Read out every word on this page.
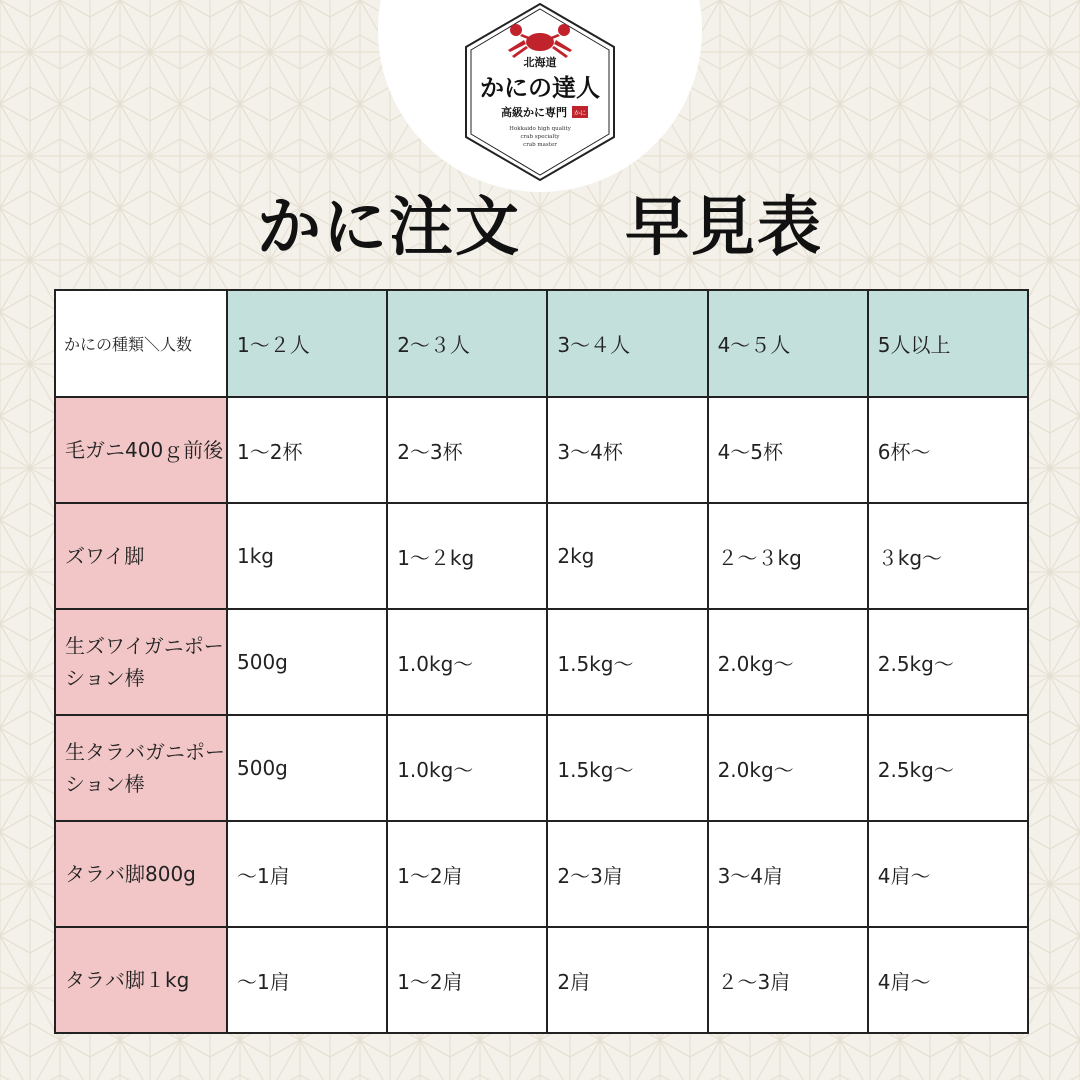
北海道
かにの達人
高級かに専門 かに
Hokkaido high quality
crab specialty
crab master
かに注文 早見表
かにの種類＼人数	1～２人	2～３人	3～４人	4～５人	5人以上
毛ガニ400ｇ前後	1～2杯	2～3杯	3～4杯	4～5杯	6杯～
ズワイ脚	1kg	1～２kg	2kg	２～３kg	３kg～
生ズワイガニポーション棒	500g	1.0kg～	1.5kg～	2.0kg～	2.5kg～
生タラバガニポーション棒	500g	1.0kg～	1.5kg～	2.0kg～	2.5kg～
タラバ脚800g	～1肩	1～2肩	2～3肩	3～4肩	4肩～
タラバ脚１kg	～1肩	1～2肩	2肩	２～3肩	4肩～
